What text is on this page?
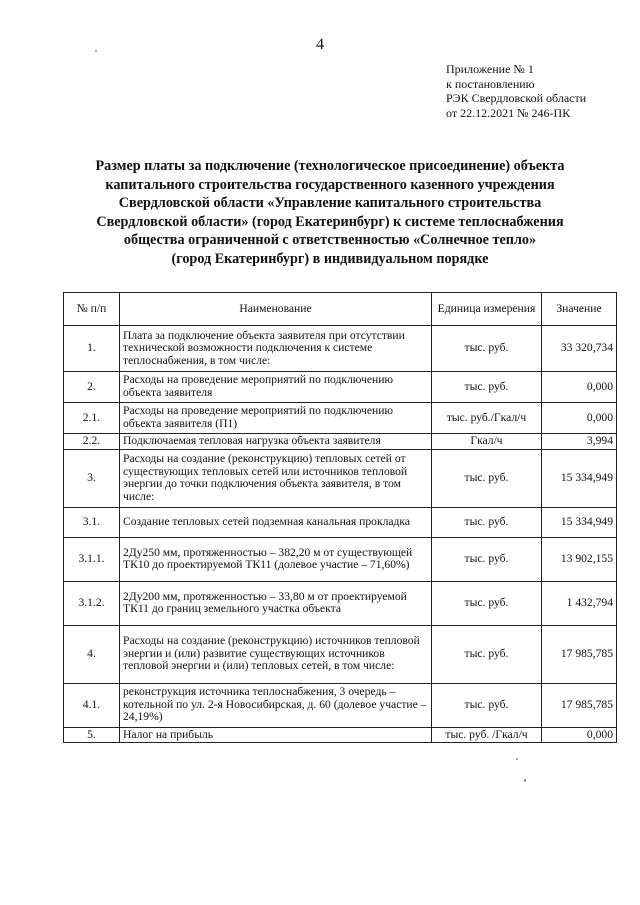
4
Приложение № 1
к постановлению
РЭК Свердловской области
от 22.12.2021 № 246-ПК
Размер платы за подключение (технологическое присоединение) объекта
капитального строительства государственного казенного учреждения
Свердловской области «Управление капитального строительства
Свердловской области» (город Екатеринбург) к системе теплоснабжения
общества ограниченной с ответственностью «Солнечное тепло»
(город Екатеринбург) в индивидуальном порядке
№ п/п	Наименование	Единица измерения	Значение
1.	Плата за подключение объекта заявителя при отсутствии технической возможности подключения к системе теплоснабжения, в том числе:	тыс. руб.	33 320,734
2.	Расходы на проведение мероприятий по подключению объекта заявителя	тыс. руб.	0,000
2.1.	Расходы на проведение мероприятий по подключению объекта заявителя (П1)	тыс. руб./Гкал/ч	0,000
2.2.	Подключаемая тепловая нагрузка объекта заявителя	Гкал/ч	3,994
3.	Расходы на создание (реконструкцию) тепловых сетей от существующих тепловых сетей или источников тепловой энергии до точки подключения объекта заявителя, в том числе:	тыс. руб.	15 334,949
3.1.	Создание тепловых сетей подземная канальная прокладка	тыс. руб.	15 334,949
3.1.1.	2Ду250 мм, протяженностью – 382,20 м от существующей ТК10 до проектируемой ТК11 (долевое участие – 71,60%)	тыс. руб.	13 902,155
3.1.2.	2Ду200 мм, протяженностью – 33,80 м от проектируемой ТК11 до границ земельного участка объекта	тыс. руб.	1 432,794
4.	Расходы на создание (реконструкцию) источников тепловой энергии и (или) развитие существующих источников тепловой энергии и (или) тепловых сетей, в том числе:	тыс. руб.	17 985,785
4.1.	реконструкция источника теплоснабжения, 3 очередь – котельной по ул. 2-я Новосибирская, д. 60 (долевое участие – 24,19%)	тыс. руб.	17 985,785
5.	Налог на прибыль	тыс. руб. /Гкал/ч	0,000
